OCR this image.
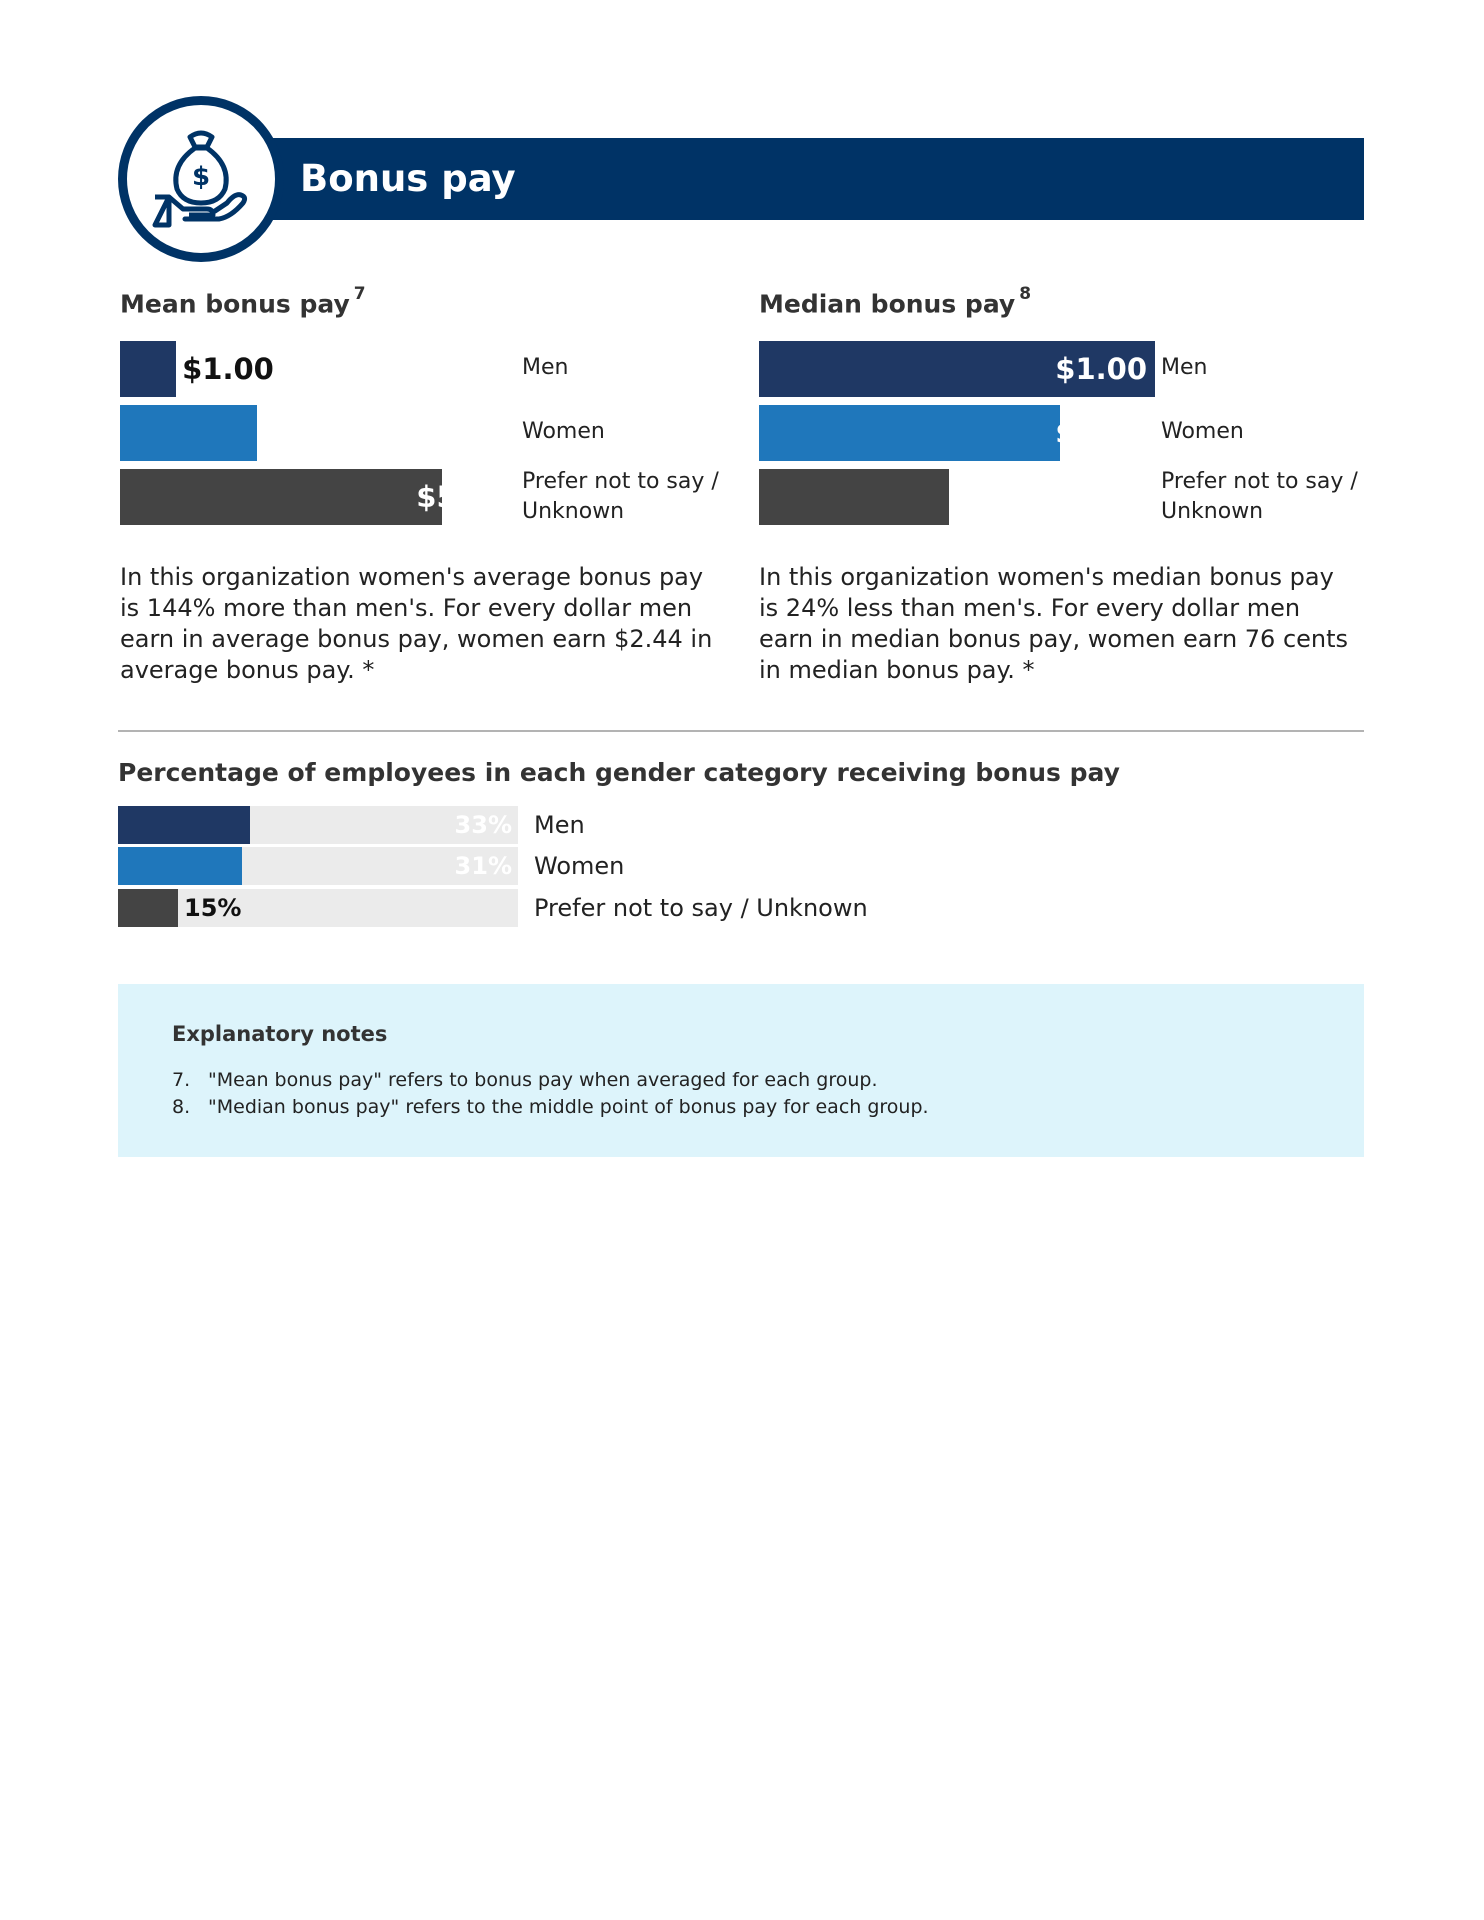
Bonus pay
$
Mean bonus pay $^7$
$1.00	Men
$2.44 Women
$5.74 Prefer not to say / Unknown
In this organization women's average bonus pay is 144% more than men's. For every dollar men earn in average bonus pay, women earn $2.44 in average bonus pay. *
Median bonus pay $^8$
$1.00 Men
$0.76 Women
$0.48 Prefer not to say / Unknown
In this organization women's median bonus pay is 24% less than men's. For every dollar men earn in median bonus pay, women earn 76 cents in median bonus pay. *
Percentage of employees in each gender category receiving bonus pay
33% Men
31% Women
15%	Prefer not to say / Unknown
Explanatory notes
7. "Mean bonus pay" refers to bonus pay when averaged for each group.
8. "Median bonus pay" refers to the middle point of bonus pay for each group.
